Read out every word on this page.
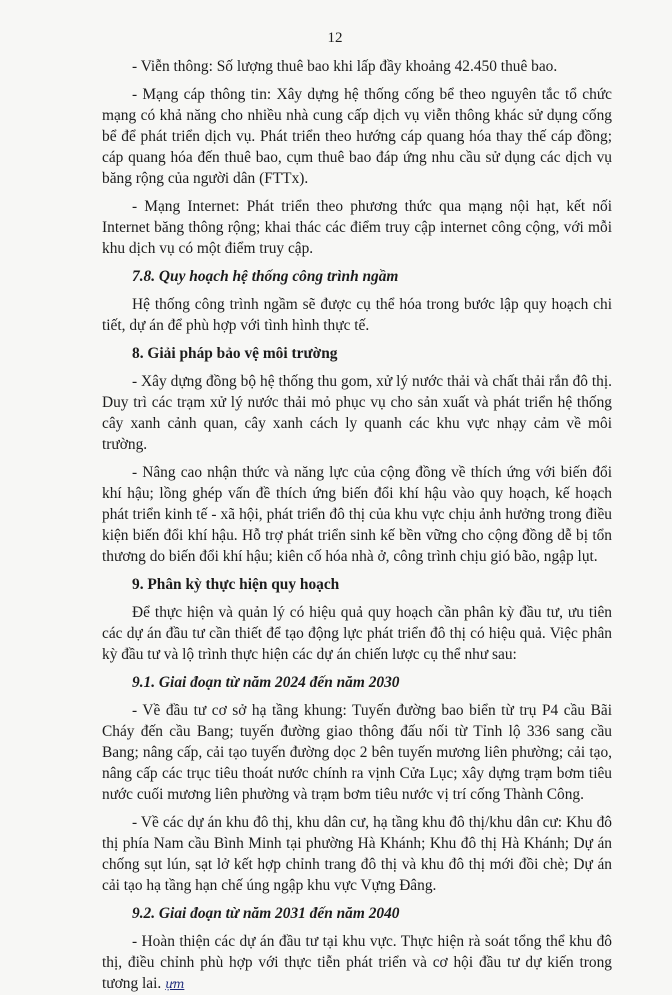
12

- Viễn thông: Số lượng thuê bao khi lấp đầy khoảng 42.450 thuê bao.

- Mạng cáp thông tin: Xây dựng hệ thống cống bể theo nguyên tắc tổ chức mạng có khả năng cho nhiều nhà cung cấp dịch vụ viễn thông khác sử dụng cống bể để phát triển dịch vụ. Phát triển theo hướng cáp quang hóa thay thế cáp đồng; cáp quang hóa đến thuê bao, cụm thuê bao đáp ứng nhu cầu sử dụng các dịch vụ băng rộng của người dân (FTTx).

- Mạng Internet: Phát triển theo phương thức qua mạng nội hạt, kết nối Internet băng thông rộng; khai thác các điểm truy cập internet công cộng, với mỗi khu dịch vụ có một điểm truy cập.

7.8. Quy hoạch hệ thống công trình ngầm

Hệ thống công trình ngầm sẽ được cụ thể hóa trong bước lập quy hoạch chi tiết, dự án để phù hợp với tình hình thực tế.

8. Giải pháp bảo vệ môi trường

- Xây dựng đồng bộ hệ thống thu gom, xử lý nước thải và chất thải rắn đô thị. Duy trì các trạm xử lý nước thải mỏ phục vụ cho sản xuất và phát triển hệ thống cây xanh cảnh quan, cây xanh cách ly quanh các khu vực nhạy cảm về môi trường.

- Nâng cao nhận thức và năng lực của cộng đồng về thích ứng với biến đổi khí hậu; lồng ghép vấn đề thích ứng biến đổi khí hậu vào quy hoạch, kế hoạch phát triển kinh tế - xã hội, phát triển đô thị của khu vực chịu ảnh hưởng trong điều kiện biến đổi khí hậu. Hỗ trợ phát triển sinh kế bền vững cho cộng đồng dễ bị tổn thương do biến đổi khí hậu; kiên cố hóa nhà ở, công trình chịu gió bão, ngập lụt.

9. Phân kỳ thực hiện quy hoạch

Để thực hiện và quản lý có hiệu quả quy hoạch cần phân kỳ đầu tư, ưu tiên các dự án đầu tư cần thiết để tạo động lực phát triển đô thị có hiệu quả. Việc phân kỳ đầu tư và lộ trình thực hiện các dự án chiến lược cụ thể như sau:

9.1. Giai đoạn từ năm 2024 đến năm 2030

- Về đầu tư cơ sở hạ tầng khung: Tuyến đường bao biển từ trụ P4 cầu Bãi Cháy đến cầu Bang; tuyến đường giao thông đấu nối từ Tỉnh lộ 336 sang cầu Bang; nâng cấp, cải tạo tuyến đường dọc 2 bên tuyến mương liên phường; cải tạo, nâng cấp các trục tiêu thoát nước chính ra vịnh Cửa Lục; xây dựng trạm bơm tiêu nước cuối mương liên phường và trạm bơm tiêu nước vị trí cống Thành Công.

- Về các dự án khu đô thị, khu dân cư, hạ tầng khu đô thị/khu dân cư: Khu đô thị phía Nam cầu Bình Minh tại phường Hà Khánh; Khu đô thị Hà Khánh; Dự án chống sụt lún, sạt lở kết hợp chỉnh trang đô thị và khu đô thị mới đồi chè; Dự án cải tạo hạ tầng hạn chế úng ngập khu vực Vựng Đâng.

9.2. Giai đoạn từ năm 2031 đến năm 2040

- Hoàn thiện các dự án đầu tư tại khu vực. Thực hiện rà soát tổng thể khu đô thị, điều chỉnh phù hợp với thực tiễn phát triển và cơ hội đầu tư dự kiến trong tương lai. ựm
